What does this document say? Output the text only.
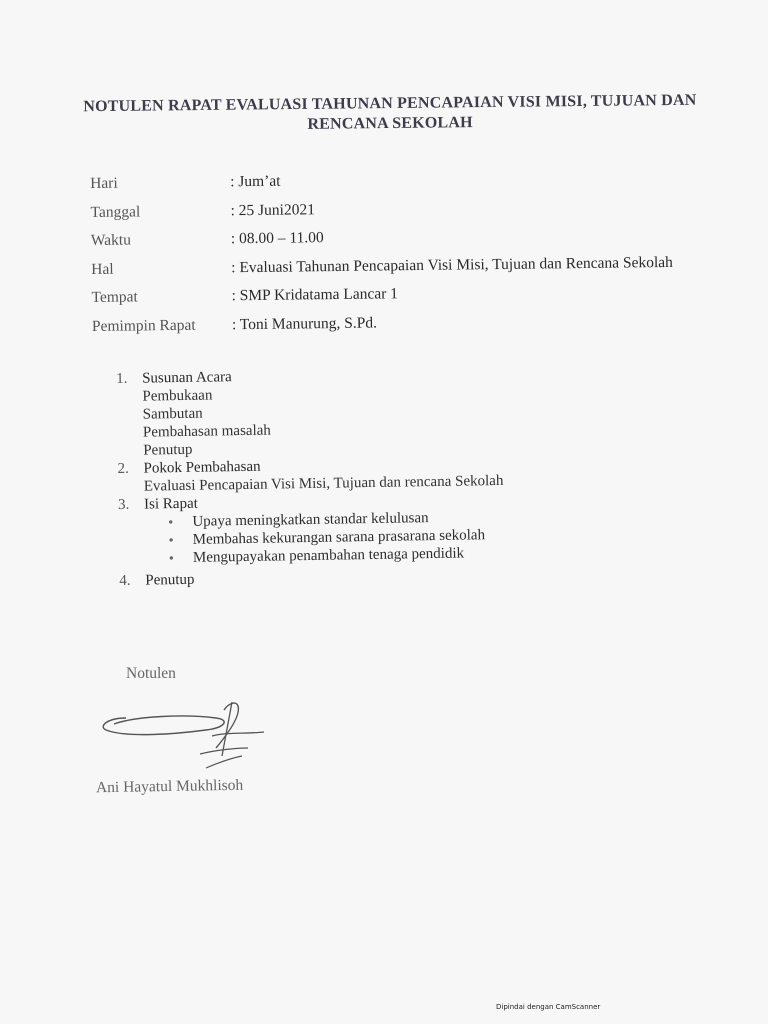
NOTULEN RAPAT EVALUASI TAHUNAN PENCAPAIAN VISI MISI, TUJUAN DAN
RENCANA SEKOLAH
Hari	: Jum’at
Tanggal	: 25 Juni2021
Waktu	: 08.00 – 11.00
Hal	: Evaluasi Tahunan Pencapaian Visi Misi, Tujuan dan Rencana Sekolah
Tempat	: SMP Kridatama Lancar 1
Pemimpin Rapat	: Toni Manurung, S.Pd.
1. Susunan Acara
Pembukaan
Sambutan
Pembahasan masalah
Penutup
2. Pokok Pembahasan
Evaluasi Pencapaian Visi Misi, Tujuan dan rencana Sekolah
3. Isi Rapat
●	Upaya meningkatkan standar kelulusan
●	Membahas kekurangan sarana prasarana sekolah
●	Mengupayakan penambahan tenaga pendidik
4. Penutup
Notulen
Ani Hayatul Mukhlisoh
Dipindai dengan CamScanner
